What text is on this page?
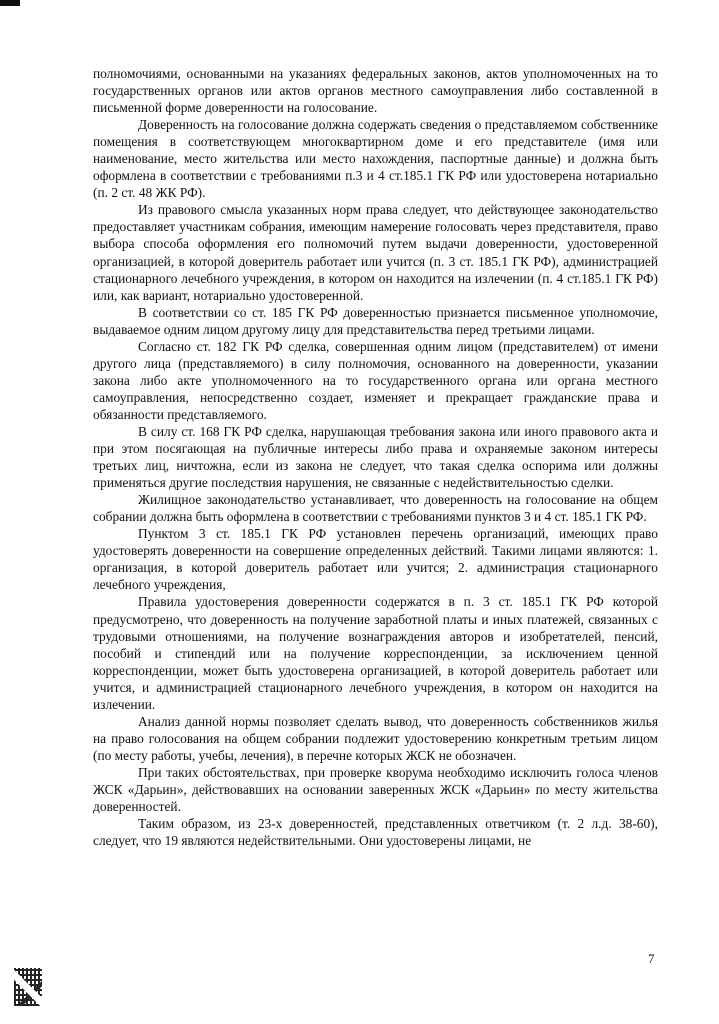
полномочиями, основанными на указаниях федеральных законов, актов уполномоченных на то государственных органов или актов органов местного самоуправления либо составленной в письменной форме доверенности на голосование.

Доверенность на голосование должна содержать сведения о представляемом собственнике помещения в соответствующем многоквартирном доме и его представителе (имя или наименование, место жительства или место нахождения, паспортные данные) и должна быть оформлена в соответствии с требованиями п.3 и 4 ст.185.1 ГК РФ или удостоверена нотариально (п. 2 ст. 48 ЖК РФ).

Из правового смысла указанных норм права следует, что действующее законодательство предоставляет участникам собрания, имеющим намерение голосовать через представителя, право выбора способа оформления его полномочий путем выдачи доверенности, удостоверенной организацией, в которой доверитель работает или учится (п. 3 ст. 185.1 ГК РФ), администрацией стационарного лечебного учреждения, в котором он находится на излечении (п. 4 ст.185.1 ГК РФ) или, как вариант, нотариально удостоверенной.

В соответствии со ст. 185 ГК РФ доверенностью признается письменное уполномочие, выдаваемое одним лицом другому лицу для представительства перед третьими лицами.

Согласно ст. 182 ГК РФ сделка, совершенная одним лицом (представителем) от имени другого лица (представляемого) в силу полномочия, основанного на доверенности, указании закона либо акте уполномоченного на то государственного органа или органа местного самоуправления, непосредственно создает, изменяет и прекращает гражданские права и обязанности представляемого.

В силу ст. 168 ГК РФ сделка, нарушающая требования закона или иного правового акта и при этом посягающая на публичные интересы либо права и охраняемые законом интересы третьих лиц, ничтожна, если из закона не следует, что такая сделка оспорима или должны применяться другие последствия нарушения, не связанные с недействительностью сделки.

Жилищное законодательство устанавливает, что доверенность на голосование на общем собрании должна быть оформлена в соответствии с требованиями пунктов 3 и 4 ст. 185.1 ГК РФ.

Пунктом 3 ст. 185.1 ГК РФ установлен перечень организаций, имеющих право удостоверять доверенности на совершение определенных действий. Такими лицами являются: 1. организация, в которой доверитель работает или учится; 2. администрация стационарного лечебного учреждения,

Правила удостоверения доверенности содержатся в п. 3 ст. 185.1 ГК РФ которой предусмотрено, что доверенность на получение заработной платы и иных платежей, связанных с трудовыми отношениями, на получение вознаграждения авторов и изобретателей, пенсий, пособий и стипендий или на получение корреспонденции, за исключением ценной корреспонденции, может быть удостоверена организацией, в которой доверитель работает или учится, и администрацией стационарного лечебного учреждения, в котором он находится на излечении.

Анализ данной нормы позволяет сделать вывод, что доверенность собственников жилья на право голосования на общем собрании подлежит удостоверению конкретным третьим лицом (по месту работы, учебы, лечения), в перечне которых ЖСК не обозначен.

При таких обстоятельствах, при проверке кворума необходимо исключить голоса членов ЖСК «Дарьин», действовавших на основании заверенных ЖСК «Дарьин» по месту жительства доверенностей.

Таким образом, из 23-х доверенностей, представленных ответчиком (т. 2 л.д. 38-60), следует, что 19 являются недействительными. Они удостоверены лицами, не

7
